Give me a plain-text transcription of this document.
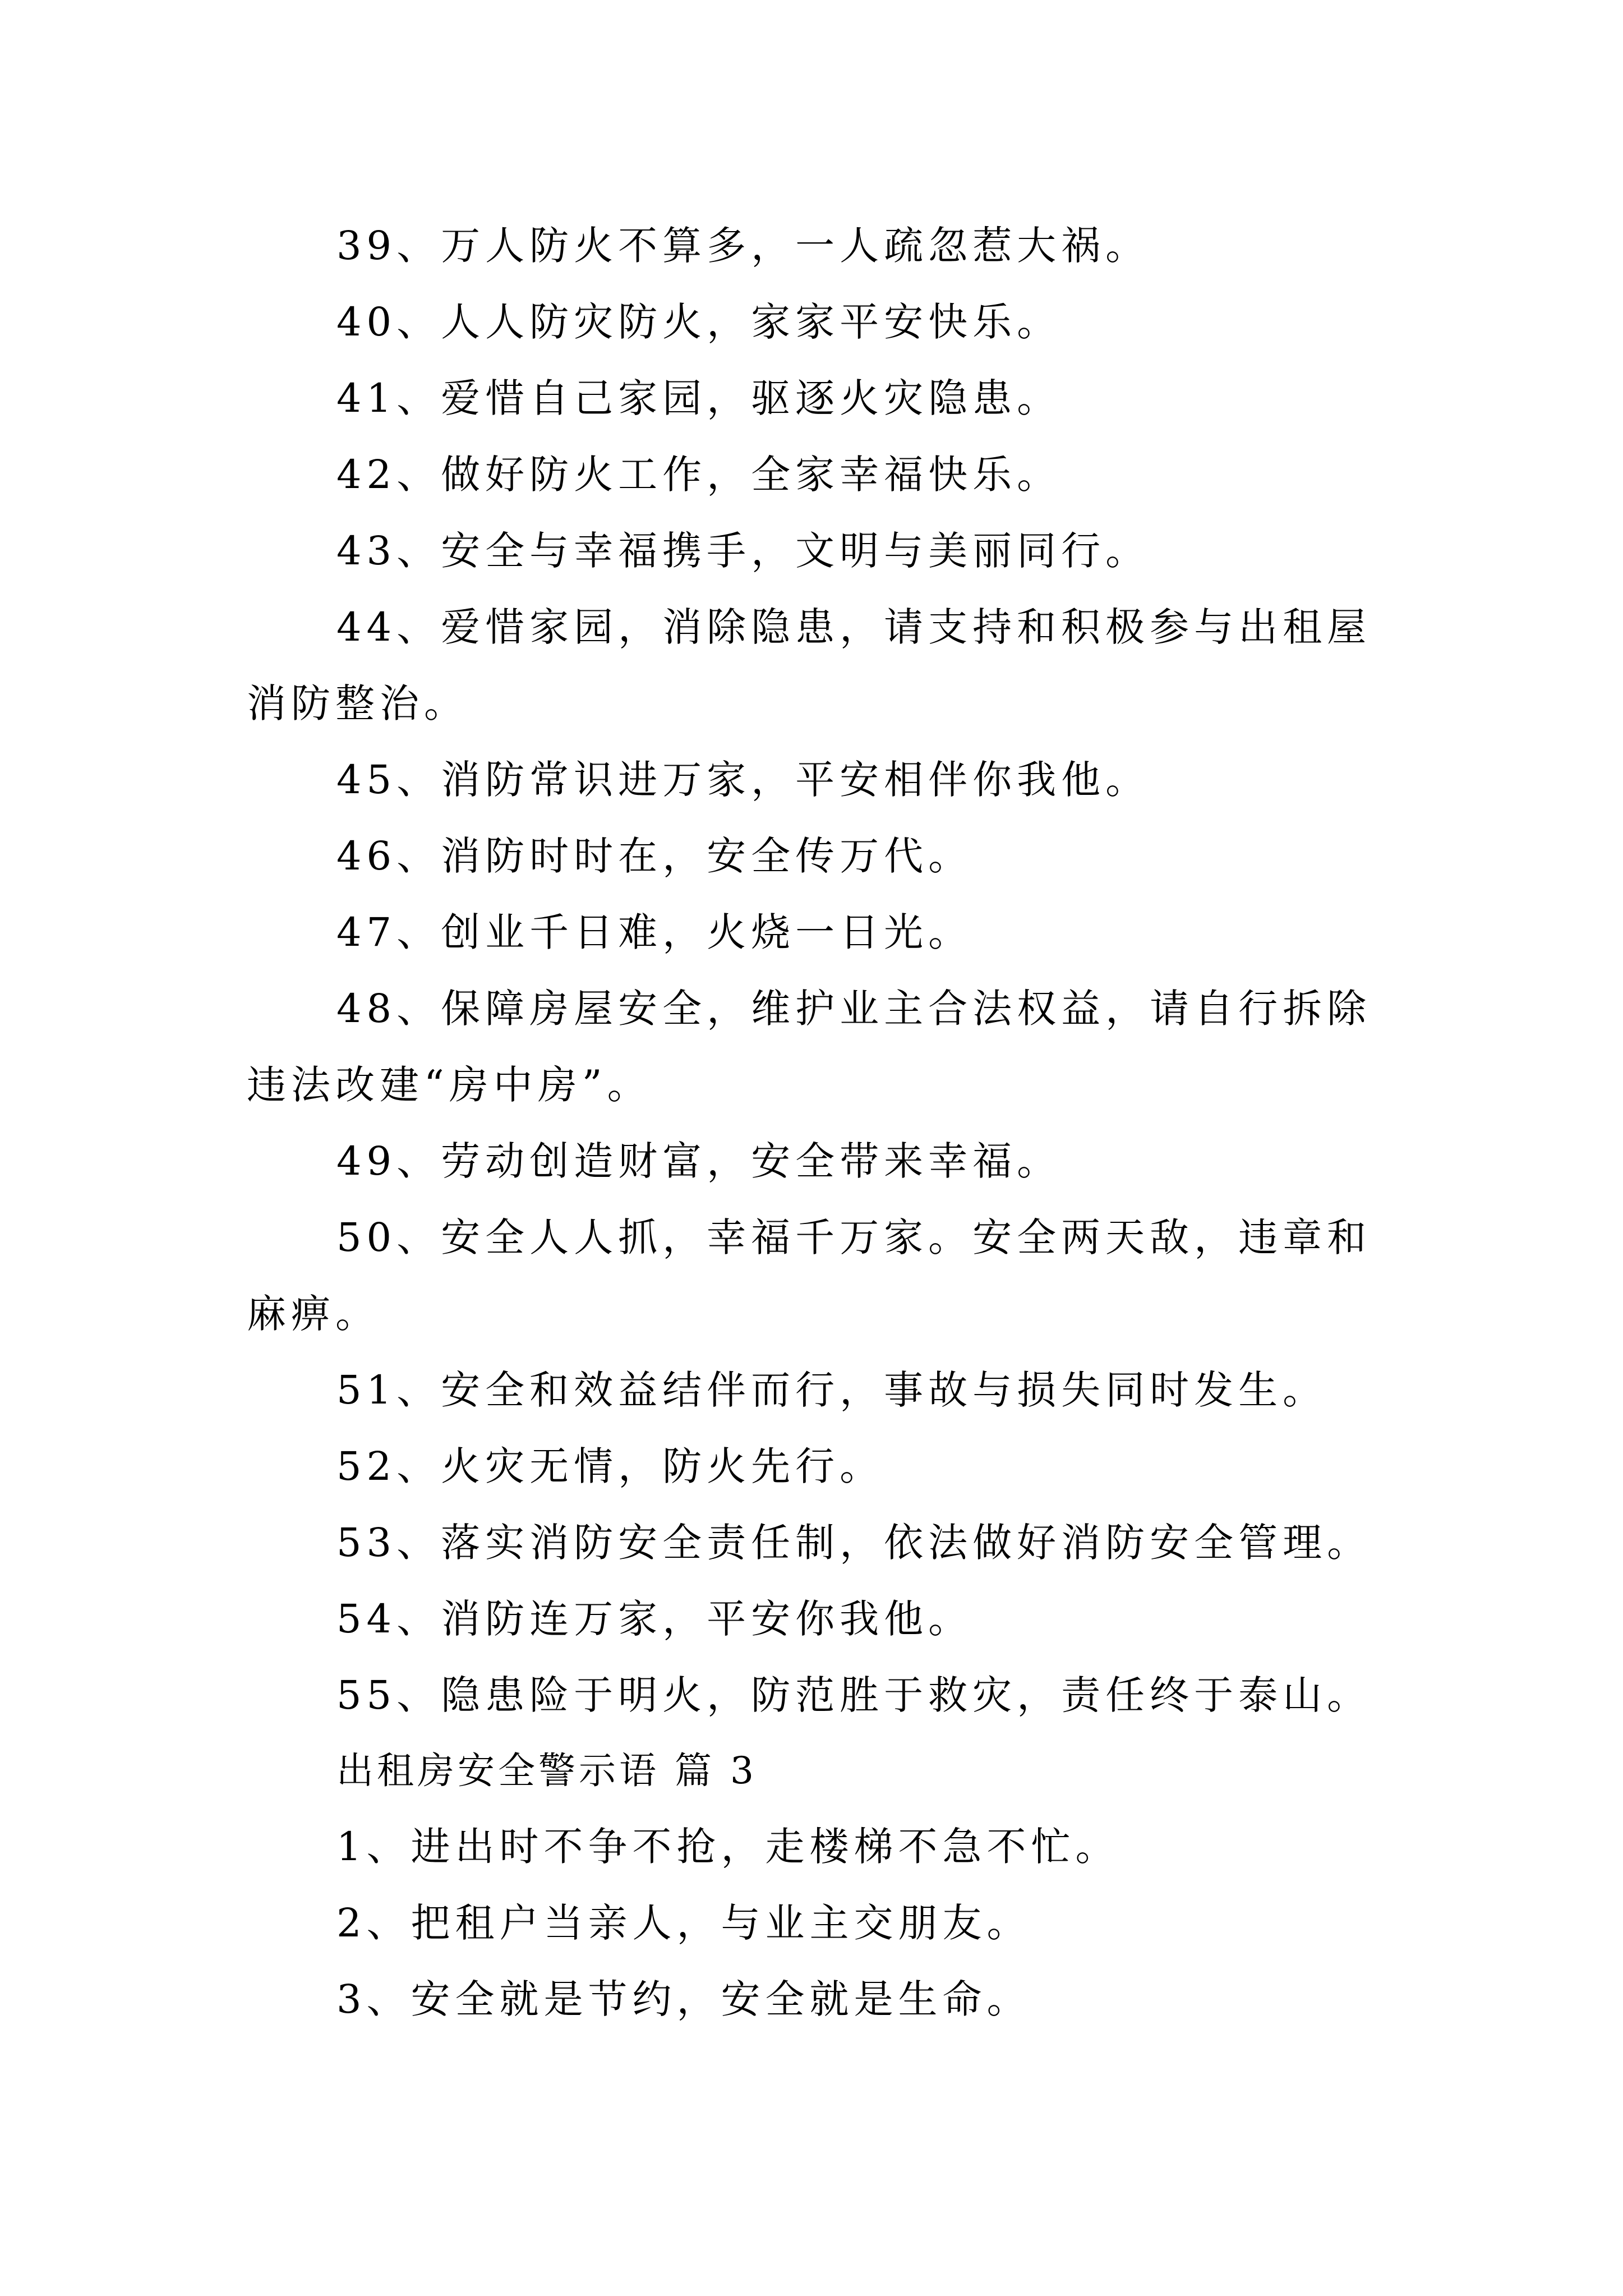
39、万人防火不算多，一人疏忽惹大祸。

40、人人防灾防火，家家平安快乐。

41、爱惜自己家园，驱逐火灾隐患。

42、做好防火工作，全家幸福快乐。

43、安全与幸福携手，文明与美丽同行。

44、爱惜家园，消除隐患，请支持和积极参与出租屋消防整治。

45、消防常识进万家，平安相伴你我他。

46、消防时时在，安全传万代。

47、创业千日难，火烧一日光。

48、保障房屋安全，维护业主合法权益，请自行拆除违法改建“房中房”。

49、劳动创造财富，安全带来幸福。

50、安全人人抓，幸福千万家。安全两天敌，违章和麻痹。

51、安全和效益结伴而行，事故与损失同时发生。

52、火灾无情，防火先行。

53、落实消防安全责任制，依法做好消防安全管理。

54、消防连万家，平安你我他。

55、隐患险于明火，防范胜于救灾，责任终于泰山。

出租房安全警示语 篇 3

1、进出时不争不抢，走楼梯不急不忙。

2、把租户当亲人，与业主交朋友。

3、安全就是节约，安全就是生命。
